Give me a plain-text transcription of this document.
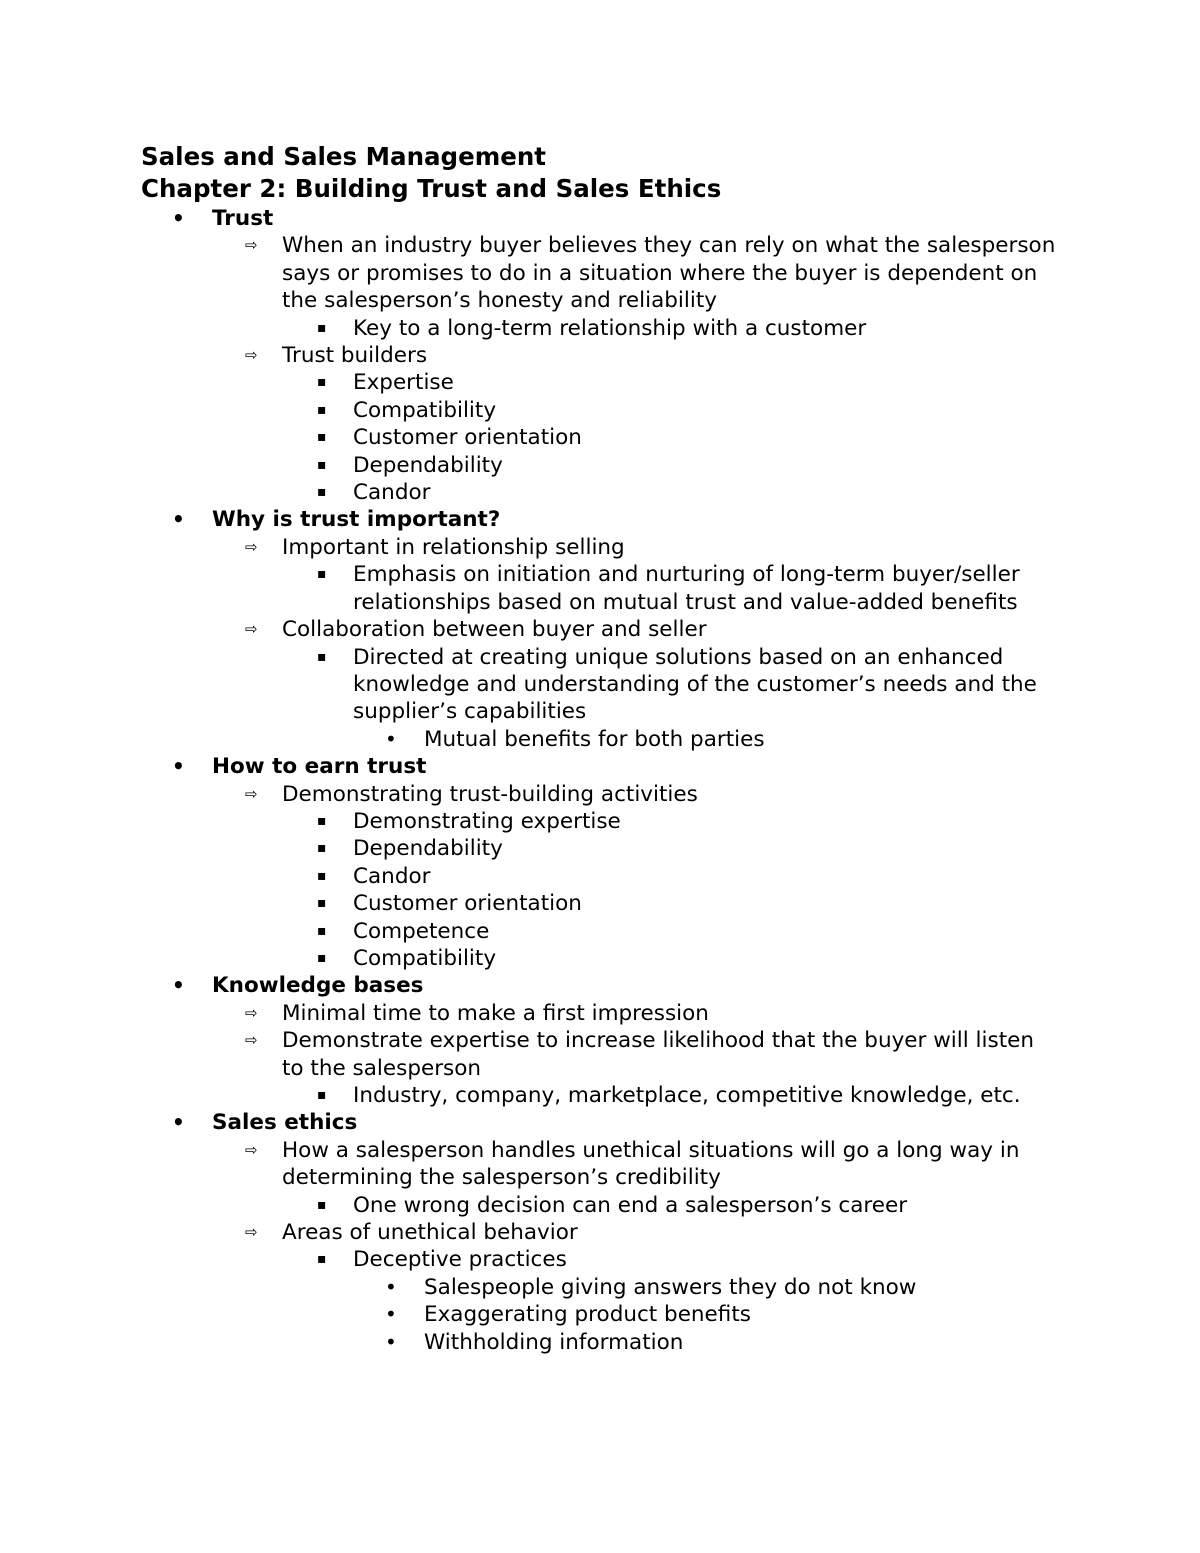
Sales and Sales Management
Chapter 2: Building Trust and Sales Ethics
• Trust
⇨ When an industry buyer believes they can rely on what the salesperson says or promises to do in a situation where the buyer is dependent on the salesperson’s honesty and reliability
▪ Key to a long-term relationship with a customer
⇨ Trust builders
▪ Expertise
▪ Compatibility
▪ Customer orientation
▪ Dependability
▪ Candor
• Why is trust important?
⇨ Important in relationship selling
▪ Emphasis on initiation and nurturing of long-term buyer/seller relationships based on mutual trust and value-added benefits
⇨ Collaboration between buyer and seller
▪ Directed at creating unique solutions based on an enhanced knowledge and understanding of the customer’s needs and the supplier’s capabilities
• Mutual benefits for both parties
• How to earn trust
⇨ Demonstrating trust-building activities
▪ Demonstrating expertise
▪ Dependability
▪ Candor
▪ Customer orientation
▪ Competence
▪ Compatibility
• Knowledge bases
⇨ Minimal time to make a first impression
⇨ Demonstrate expertise to increase likelihood that the buyer will listen to the salesperson
▪ Industry, company, marketplace, competitive knowledge, etc.
• Sales ethics
⇨ How a salesperson handles unethical situations will go a long way in determining the salesperson’s credibility
▪ One wrong decision can end a salesperson’s career
⇨ Areas of unethical behavior
▪ Deceptive practices
• Salespeople giving answers they do not know
• Exaggerating product benefits
• Withholding information
